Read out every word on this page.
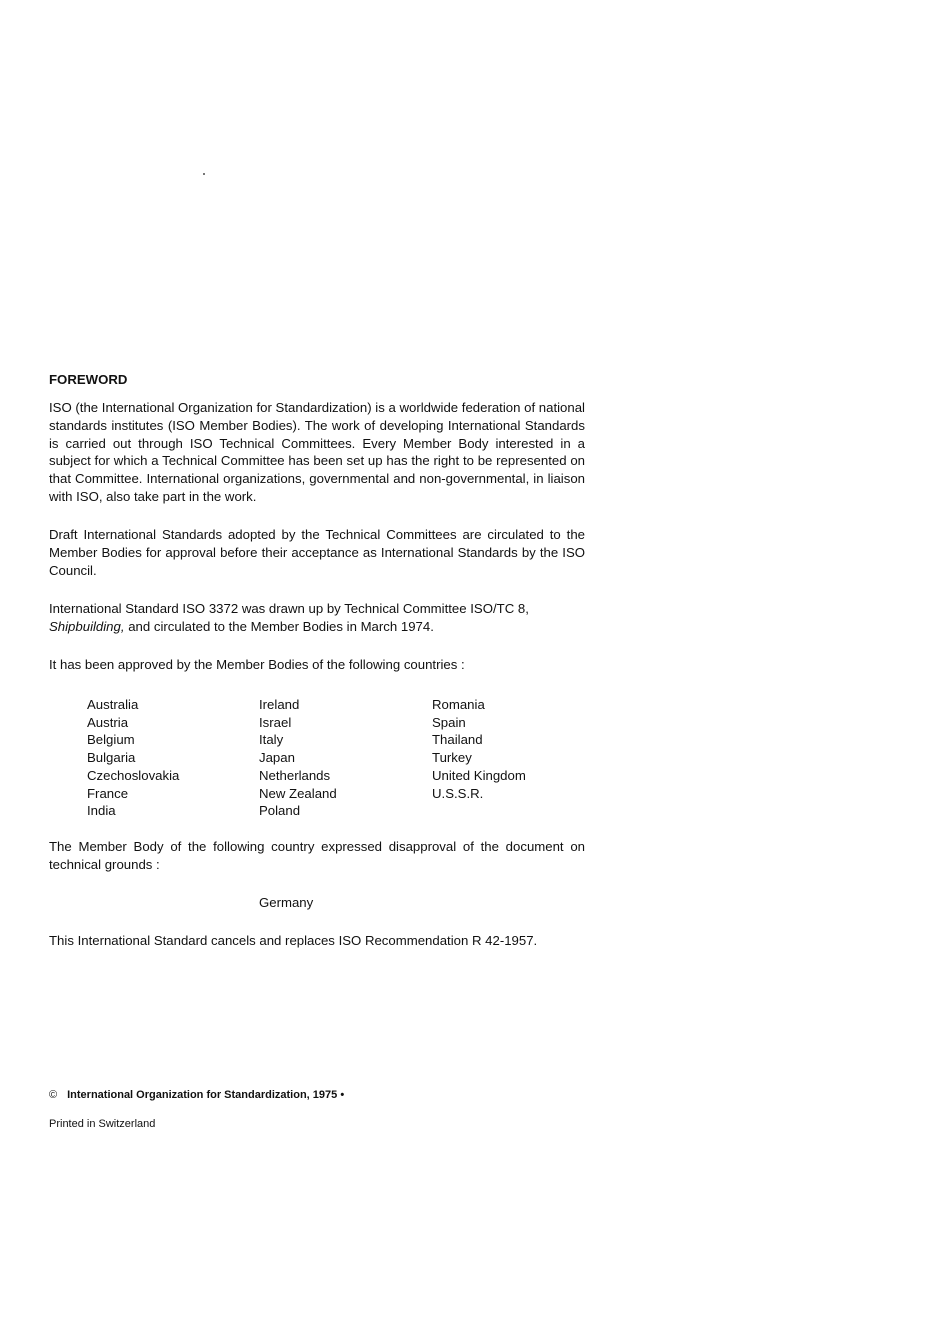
FOREWORD

ISO (the International Organization for Standardization) is a worldwide federation of national standards institutes (ISO Member Bodies). The work of developing International Standards is carried out through ISO Technical Committees. Every Member Body interested in a subject for which a Technical Committee has been set up has the right to be represented on that Committee. International organizations, governmental and non-governmental, in liaison with ISO, also take part in the work.

Draft International Standards adopted by the Technical Committees are circulated to the Member Bodies for approval before their acceptance as International Standards by the ISO Council.

International Standard ISO 3372 was drawn up by Technical Committee ISO/TC 8,
Shipbuilding, and circulated to the Member Bodies in March 1974.

It has been approved by the Member Bodies of the following countries :

Australia
Austria
Belgium
Bulgaria
Czechoslovakia
France
India
Ireland
Israel
Italy
Japan
Netherlands
New Zealand
Poland
Romania
Spain
Thailand
Turkey
United Kingdom
U.S.S.R.

The Member Body of the following country expressed disapproval of the document on technical grounds :

Germany

This International Standard cancels and replaces ISO Recommendation R 42-1957.

© International Organization for Standardization, 1975 •
Printed in Switzerland
